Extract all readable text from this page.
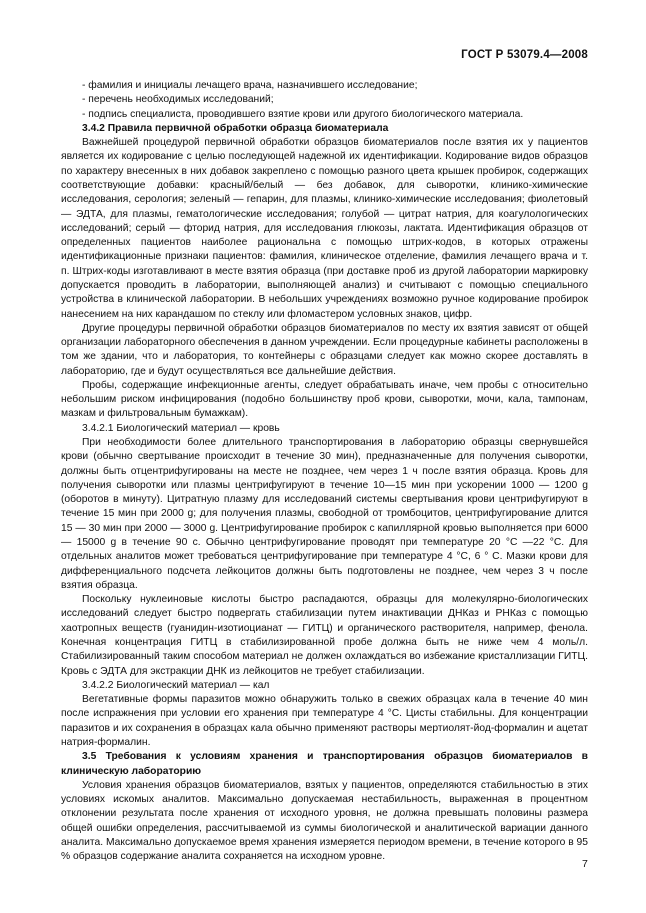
ГОСТ Р 53079.4—2008

- фамилия и инициалы лечащего врача, назначившего исследование;

- перечень необходимых исследований;

- подпись специалиста, проводившего взятие крови или другого биологического материала.

3.4.2 Правила первичной обработки образца биоматериала

Важнейшей процедурой первичной обработки образцов биоматериалов после взятия их у пациентов является их кодирование с целью последующей надежной их идентификации. Кодирование видов образцов по характеру внесенных в них добавок закреплено с помощью разного цвета крышек пробирок, содержащих соответствующие добавки: красный/белый — без добавок, для сыворотки, клинико-химические исследования, серология; зеленый — гепарин, для плазмы, клинико-химические исследования; фиолетовый — ЭДТА, для плазмы, гематологические исследования; голубой — цитрат натрия, для коагулологических исследований; серый — фторид натрия, для исследования глюкозы, лактата. Идентификация образцов от определенных пациентов наиболее рациональна с помощью штрих-кодов, в которых отражены идентификационные признаки пациентов: фамилия, клиническое отделение, фамилия лечащего врача и т. п. Штрих-коды изготавливают в месте взятия образца (при доставке проб из другой лаборатории маркировку допускается проводить в лаборатории, выполняющей анализ) и считывают с помощью специального устройства в клинической лаборатории. В небольших учреждениях возможно ручное кодирование пробирок нанесением на них карандашом по стеклу или фломастером условных знаков, цифр.

Другие процедуры первичной обработки образцов биоматериалов по месту их взятия зависят от общей организации лабораторного обеспечения в данном учреждении. Если процедурные кабинеты расположены в том же здании, что и лаборатория, то контейнеры с образцами следует как можно скорее доставлять в лабораторию, где и будут осуществляться все дальнейшие действия.

Пробы, содержащие инфекционные агенты, следует обрабатывать иначе, чем пробы с относительно небольшим риском инфицирования (подобно большинству проб крови, сыворотки, мочи, кала, тампонам, мазкам и фильтровальным бумажкам).

3.4.2.1 Биологический материал — кровь

При необходимости более длительного транспортирования в лабораторию образцы свернувшейся крови (обычно свертывание происходит в течение 30 мин), предназначенные для получения сыворотки, должны быть отцентрифугированы на месте не позднее, чем через 1 ч после взятия образца. Кровь для получения сыворотки или плазмы центрифугируют в течение 10—15 мин при ускорении 1000 — 1200 g (оборотов в минуту). Цитратную плазму для исследований системы свертывания крови центрифугируют в течение 15 мин при 2000 g; для получения плазмы, свободной от тромбоцитов, центрифугирование длится 15 — 30 мин при 2000 — 3000 g. Центрифугирование пробирок с капиллярной кровью выполняется при 6000 — 15000 g в течение 90 с. Обычно центрифугирование проводят при температуре 20 °С —22 °С. Для отдельных аналитов может требоваться центрифугирование при температуре 4 °С, 6 ° С. Мазки крови для дифференциального подсчета лейкоцитов должны быть подготовлены не позднее, чем через 3 ч после взятия образца.

Поскольку нуклеиновые кислоты быстро распадаются, образцы для молекулярно-биологических исследований следует быстро подвергать стабилизации путем инактивации ДНКаз и РНКаз с помощью хаотропных веществ (гуанидин-изотиоцианат — ГИТЦ) и органического растворителя, например, фенола. Конечная концентрация ГИТЦ в стабилизированной пробе должна быть не ниже чем 4 моль/л. Стабилизированный таким способом материал не должен охлаждаться во избежание кристаллизации ГИТЦ. Кровь с ЭДТА для экстракции ДНК из лейкоцитов не требует стабилизации.

3.4.2.2 Биологический материал — кал

Вегетативные формы паразитов можно обнаружить только в свежих образцах кала в течение 40 мин после испражнения при условии его хранения при температуре 4 °С. Цисты стабильны. Для концентрации паразитов и их сохранения в образцах кала обычно применяют растворы мертиолят-йод-формалин и ацетат натрия-формалин.

3.5 Требования к условиям хранения и транспортирования образцов биоматериалов в клиническую лабораторию

Условия хранения образцов биоматериалов, взятых у пациентов, определяются стабильностью в этих условиях искомых аналитов. Максимально допускаемая нестабильность, выраженная в процентном отклонении результата после хранения от исходного уровня, не должна превышать половины размера общей ошибки определения, рассчитываемой из суммы биологической и аналитической вариации данного аналита. Максимально допускаемое время хранения измеряется периодом времени, в течение которого в 95 % образцов содержание аналита сохраняется на исходном уровне.

7
